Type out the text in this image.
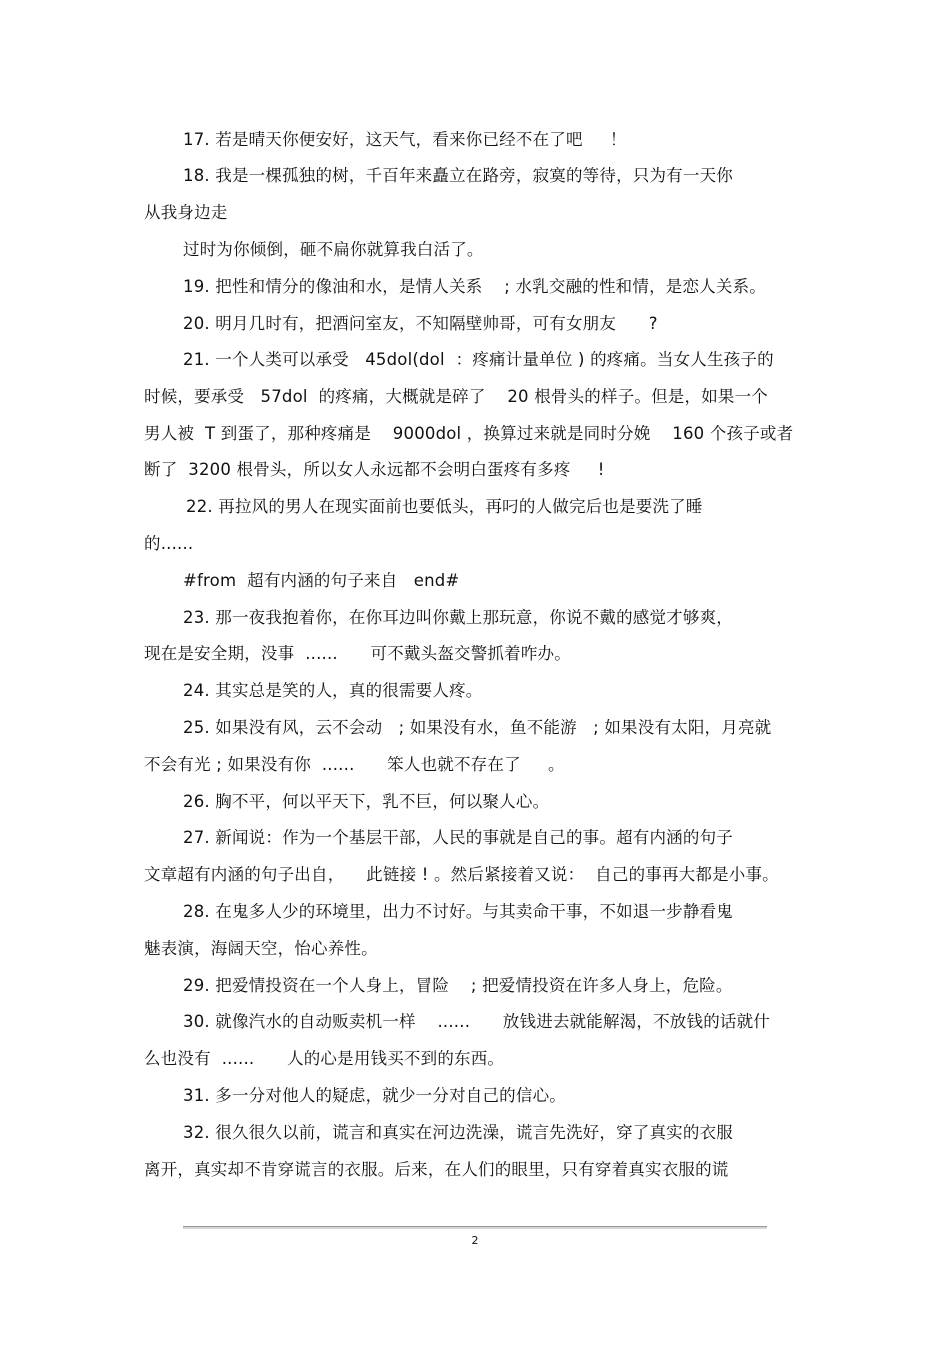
17. 若是晴天你便安好，这天气，看来你已经不在了吧     ！
18. 我是一棵孤独的树，千百年来矗立在路旁，寂寞的等待，只为有一天你
从我身边走
过时为你倾倒，砸不扁你就算我白活了。
19. 把性和情分的像油和水，是情人关系    ; 水乳交融的性和情，是恋人关系。
20. 明月几时有，把酒问室友，不知隔壁帅哥，可有女朋友      ?
21. 一个人类可以承受   45dol(dol  ：疼痛计量单位 ) 的疼痛。当女人生孩子的
时候，要承受   57dol  的疼痛，大概就是碎了    20 根骨头的样子。但是，如果一个
男人被  T 到蛋了，那种疼痛是    9000dol ，换算过来就是同时分娩    160 个孩子或者
断了  3200 根骨头，所以女人永远都不会明白蛋疼有多疼     !
22. 再拉风的男人在现实面前也要低头，再叼的人做完后也是要洗了睡
的......
#from  超有内涵的句子来自   end#
23. 那一夜我抱着你，在你耳边叫你戴上那玩意，你说不戴的感觉才够爽，
现在是安全期，没事  ......      可不戴头盔交警抓着咋办。
24. 其实总是笑的人，真的很需要人疼。
25. 如果没有风，云不会动   ; 如果没有水，鱼不能游   ; 如果没有太阳，月亮就
不会有光 ; 如果没有你  ......      笨人也就不存在了     。
26. 胸不平，何以平天下，乳不巨，何以聚人心。
27. 新闻说：作为一个基层干部，人民的事就是自己的事。超有内涵的句子
文章超有内涵的句子出自，    此链接 ! 。然后紧接着又说：  自己的事再大都是小事。
28. 在鬼多人少的环境里，出力不讨好。与其卖命干事，不如退一步静看鬼
魅表演，海阔天空，怡心养性。
29. 把爱情投资在一个人身上，冒险    ; 把爱情投资在许多人身上，危险。
30. 就像汽水的自动贩卖机一样    ......      放钱进去就能解渴，不放钱的话就什
么也没有  ......      人的心是用钱买不到的东西。
31. 多一分对他人的疑虑，就少一分对自己的信心。
32. 很久很久以前，谎言和真实在河边洗澡，谎言先洗好，穿了真实的衣服
离开，真实却不肯穿谎言的衣服。后来，在人们的眼里，只有穿着真实衣服的谎
2
